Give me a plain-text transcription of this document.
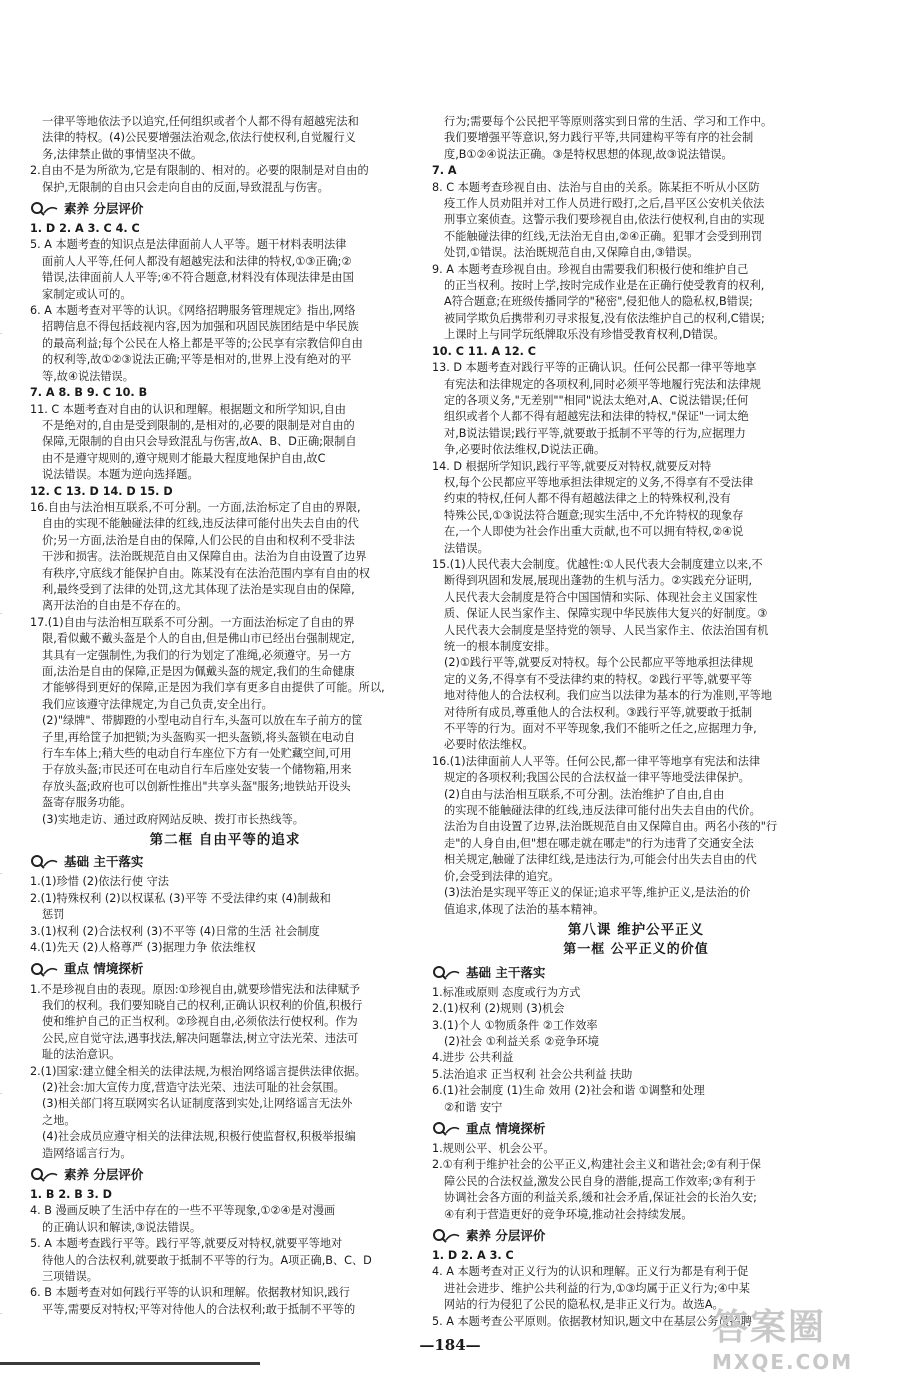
·
·
·
·
·

一律平等地依法予以追究,任何组织或者个人都不得有超越宪法和

法律的特权。(4)公民要增强法治观念,依法行使权利,自觉履行义

务,法律禁止做的事情坚决不做。

2.自由不是为所欲为,它是有限制的、相对的。必要的限制是对自由的

保护,无限制的自由只会走向自由的反面,导致混乱与伤害。

素养 分层评价

1. D 2. A 3. C 4. C

5. A 本题考查的知识点是法律面前人人平等。题干材料表明法律

面前人人平等,任何人都没有超越宪法和法律的特权,①③正确;②

错误,法律面前人人平等;④不符合题意,材料没有体现法律是由国

家制定或认可的。

6. A 本题考查对平等的认识。《网络招聘服务管理规定》指出,网络

招聘信息不得包括歧视内容,因为加强和巩固民族团结是中华民族

的最高利益;每个公民在人格上都是平等的;公民享有宗教信仰自由

的权利等,故①②③说法正确;平等是相对的,世界上没有绝对的平

等,故④说法错误。

7. A 8. B 9. C 10. B

11. C 本题考查对自由的认识和理解。根据题文和所学知识,自由

不是绝对的,自由是受到限制的,是相对的,必要的限制是对自由的

保障,无限制的自由只会导致混乱与伤害,故A、B、D正确;限制自

由不是遵守规则的,遵守规则才能最大程度地保护自由,故C

说法错误。本题为逆向选择题。

12. C 13. D 14. D 15. D

16.自由与法治相互联系,不可分割。一方面,法治标定了自由的界限,

自由的实现不能触碰法律的红线,违反法律可能付出失去自由的代

价;另一方面,法治是自由的保障,人们公民的自由和权利不受非法

干涉和损害。法治既规范自由又保障自由。法治为自由设置了边界

有秩序,守底线才能保护自由。陈某没有在法治范围内享有自由的权

利,最终受到了法律的处罚,这尤其体现了法治是实现自由的保障,

离开法治的自由是不存在的。

17.(1)自由与法治相互联系不可分割。一方面法治标定了自由的界

限,看似戴不戴头盔是个人的自由,但是佛山市已经出台强制规定,

其具有一定强制性,为我们的行为划定了准绳,必须遵守。另一方

面,法治是自由的保障,正是因为佩戴头盔的规定,我们的生命健康

才能够得到更好的保障,正是因为我们享有更多自由提供了可能。所以,

我们应该遵守法律规定,为自己负责,安全出行。

(2)"绿牌"、带脚蹬的小型电动自行车,头盔可以放在车子前方的筐

子里,再给筐子加把锁;为头盔购买一把头盔锁,将头盔锁在电动自

行车车体上;稍大些的电动自行车座位下方有一处贮藏空间,可用

于存放头盔;市民还可在电动自行车后座处安装一个储物箱,用来

存放头盔;政府也可以创新性推出"共享头盔"服务;地铁站开设头

盔寄存服务功能。

(3)实地走访、通过政府网站反映、拨打市长热线等。

第二框 自由平等的追求
基础 主干落实

1.(1)珍惜 (2)依法行使 守法

2.(1)特殊权利 (2)以权谋私 (3)平等 不受法律约束 (4)制裁和

惩罚

3.(1)权利 (2)合法权利 (3)不平等 (4)日常的生活 社会制度

4.(1)先天 (2)人格尊严 (3)据理力争 依法维权

重点 情境探析

1.不是珍视自由的表现。原因:①珍视自由,就要珍惜宪法和法律赋予

我们的权利。我们要知晓自己的权利,正确认识权利的价值,积极行

使和维护自己的正当权利。②珍视自由,必须依法行使权利。作为

公民,应自觉守法,遇事找法,解决问题靠法,树立守法光荣、违法可

耻的法治意识。

2.(1)国家:建立健全相关的法律法规,为根治网络谣言提供法律依据。

(2)社会:加大宣传力度,营造守法光荣、违法可耻的社会氛围。

(3)相关部门将互联网实名认证制度落到实处,让网络谣言无法外

之地。

(4)社会成员应遵守相关的法律法规,积极行使监督权,积极举报编

造网络谣言行为。

素养 分层评价

1. B 2. B 3. D

4. B 漫画反映了生活中存在的一些不平等现象,①②④是对漫画

的正确认识和解读,③说法错误。

5. A 本题考查践行平等。践行平等,就要反对特权,就要平等地对

待他人的合法权利,就要敢于抵制不平等的行为。A项正确,B、C、D

三项错误。

6. B 本题考查对如何践行平等的认识和理解。依据教材知识,践行

平等,需要反对特权;平等对待他人的合法权利;敢于抵制不平等的

行为;需要每个公民把平等原则落实到日常的生活、学习和工作中。

我们要增强平等意识,努力践行平等,共同建构平等有序的社会制

度,B①②④说法正确。③是特权思想的体现,故③说法错误。

7. A

8. C 本题考查珍视自由、法治与自由的关系。陈某拒不听从小区防

疫工作人员劝阻并对工作人员进行殴打,之后,昌平区公安机关依法

刑事立案侦查。这警示我们要珍视自由,依法行使权利,自由的实现

不能触碰法律的红线,无法治无自由,②④正确。犯罪才会受到刑罚

处罚,①错误。法治既规范自由,又保障自由,③错误。

9. A 本题考查珍视自由。珍视自由需要我们积极行使和维护自己

的正当权利。按时上学,按时完成作业是在正确行使受教育的权利,

A符合题意;在班级传播同学的"秘密",侵犯他人的隐私权,B错误;

被同学欺负后携带利刃寻求报复,没有依法维护自己的权利,C错误;

上课时上与同学玩纸牌取乐没有珍惜受教育权利,D错误。

10. C 11. A 12. C

13. D 本题考查对践行平等的正确认识。任何公民都一律平等地享

有宪法和法律规定的各项权利,同时必须平等地履行宪法和法律规

定的各项义务,"无差别""相同"说法太绝对,A、C说法错误;任何

组织或者个人都不得有超越宪法和法律的特权,"保证"一词太绝

对,B说法错误;践行平等,就要敢于抵制不平等的行为,应据理力

争,必要时依法维权,D说法正确。

14. D 根据所学知识,践行平等,就要反对特权,就要反对特

权,每个公民都应平等地承担法律规定的义务,不得享有不受法律

约束的特权,任何人都不得有超越法律之上的特殊权利,没有

特殊公民,①③说法符合题意;现实生活中,不允许特权的现象存

在,一个人即使为社会作出重大贡献,也不可以拥有特权,②④说

法错误。

15.(1)人民代表大会制度。优越性:①人民代表大会制度建立以来,不

断得到巩固和发展,展现出蓬勃的生机与活力。②实践充分证明,

人民代表大会制度是符合中国国情和实际、体现社会主义国家性

质、保证人民当家作主、保障实现中华民族伟大复兴的好制度。③

人民代表大会制度是坚持党的领导、人民当家作主、依法治国有机

统一的根本制度安排。

(2)①践行平等,就要反对特权。每个公民都应平等地承担法律规

定的义务,不得享有不受法律约束的特权。②践行平等,就要平等

地对待他人的合法权利。我们应当以法律为基本的行为准则,平等地

对待所有成员,尊重他人的合法权利。③践行平等,就要敢于抵制

不平等的行为。面对不平等现象,我们不能听之任之,应据理力争,

必要时依法维权。

16.(1)法律面前人人平等。任何公民,都一律平等地享有宪法和法律

规定的各项权利;我国公民的合法权益一律平等地受法律保护。

(2)自由与法治相互联系,不可分割。法治维护了自由,自由

的实现不能触碰法律的红线,违反法律可能付出失去自由的代价。

法治为自由设置了边界,法治既规范自由又保障自由。两名小孩的"行

走"的人身自由,但"想在哪走就在哪走"的行为违背了交通安全法

相关规定,触碰了法律红线,是违法行为,可能会付出失去自由的代

价,会受到法律的追究。

(3)法治是实现平等正义的保证;追求平等,维护正义,是法治的价

值追求,体现了法治的基本精神。

第八课 维护公平正义
第一框 公平正义的价值
基础 主干落实

1.标准或原则 态度或行为方式

2.(1)权利 (2)规则 (3)机会

3.(1)个人 ①物质条件 ②工作效率

(2)社会 ①利益关系 ②竞争环境

4.进步 公共利益

5.法治追求 正当权利 社会公共利益 扶助

6.(1)社会制度 (1)生命 效用 (2)社会和谐 ①调整和处理

②和谐 安宁

重点 情境探析

1.规则公平、机会公平。

2.①有利于维护社会的公平正义,构建社会主义和谐社会;②有利于保

障公民的合法权益,激发公民自身的潜能,提高工作效率;③有利于

协调社会各方面的利益关系,缓和社会矛盾,保证社会的长治久安;

④有利于营造更好的竞争环境,推动社会持续发展。

素养 分层评价

1. D 2. A 3. C

4. A 本题考查对正义行为的认识和理解。正义行为都是有利于促

进社会进步、维护公共利益的行为,①③均属于正义行为;④中某

网站的行为侵犯了公民的隐私权,是非正义行为。故选A。

5. A 本题考查公平原则。依据教材知识,题文中在基层公务员招聘

—184—	答案圈
MXQE.COM
